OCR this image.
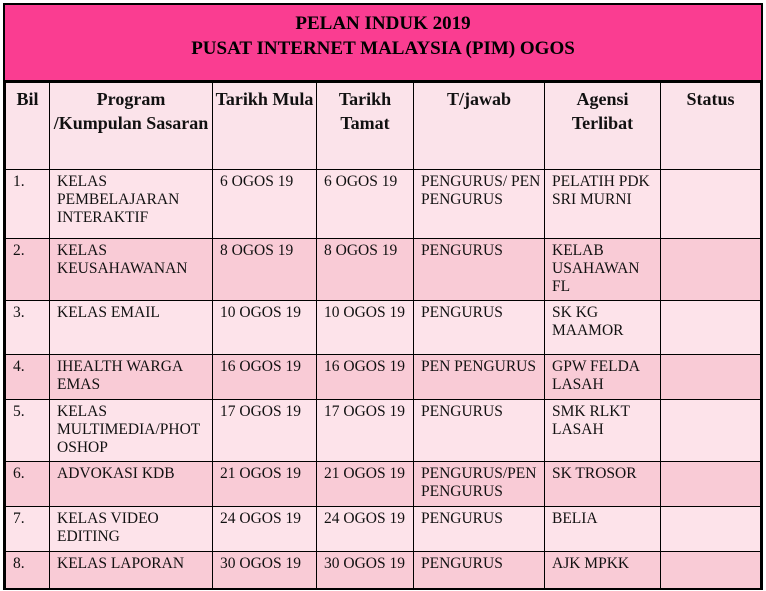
PELAN INDUK 2019
PUSAT INTERNET MALAYSIA (PIM) OGOS
Bil	Program /Kumpulan Sasaran	Tarikh Mula	Tarikh Tamat	T/jawab	Agensi Terlibat	Status
1.	KELAS PEMBELAJARAN INTERAKTIF	6 OGOS 19	6 OGOS 19	PENGURUS/ PEN PENGURUS	PELATIH PDK SRI MURNI	
2.	KELAS KEUSAHAWANAN	8 OGOS 19	8 OGOS 19	PENGURUS	KELAB USAHAWAN FL	
3.	KELAS EMAIL	10 OGOS 19	10 OGOS 19	PENGURUS	SK KG MAAMOR	
4.	IHEALTH WARGA EMAS	16 OGOS 19	16 OGOS 19	PEN PENGURUS	GPW FELDA LASAH	
5.	KELAS MULTIMEDIA/PHOTOSHOP	17 OGOS 19	17 OGOS 19	PENGURUS	SMK RLKT LASAH	
6.	ADVOKASI KDB	21 OGOS 19	21 OGOS 19	PENGURUS/PEN PENGURUS	SK TROSOR	
7.	KELAS VIDEO EDITING	24 OGOS 19	24 OGOS 19	PENGURUS	BELIA	
8.	KELAS LAPORAN	30 OGOS 19	30 OGOS 19	PENGURUS	AJK MPKK	
